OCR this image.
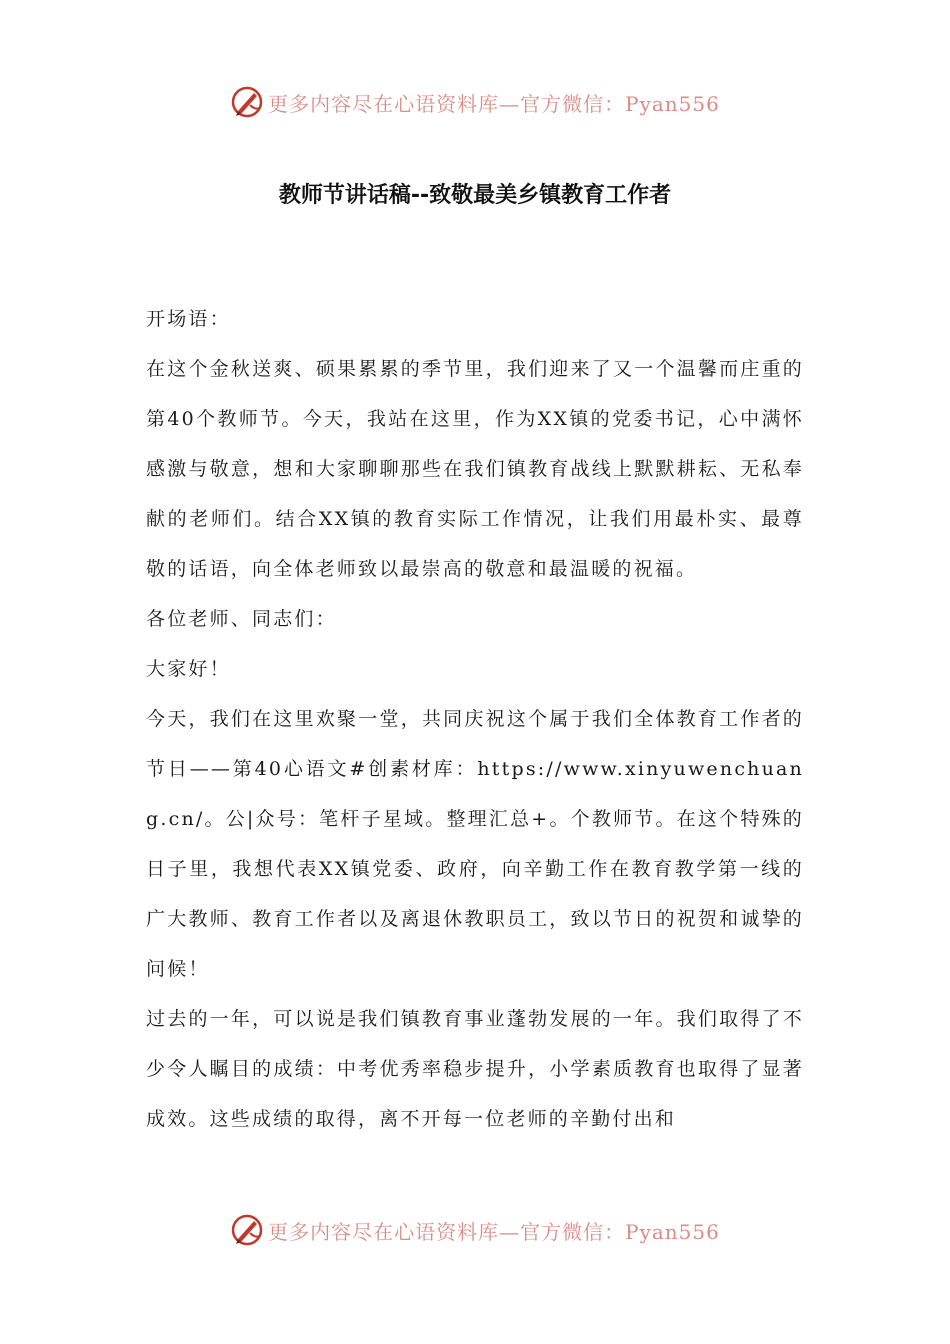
更多内容尽在心语资料库—官方微信：Pyan556
教师节讲话稿--致敬最美乡镇教育工作者

开场语：

在这个金秋送爽、硕果累累的季节里，我们迎来了又一个温馨而庄重的第40个教师节。今天，我站在这里，作为XX镇的党委书记，心中满怀感激与敬意，想和大家聊聊那些在我们镇教育战线上默默耕耘、无私奉献的老师们。结合XX镇的教育实际工作情况，让我们用最朴实、最尊敬的话语，向全体老师致以最崇高的敬意和最温暖的祝福。

各位老师、同志们：

大家好！

今天，我们在这里欢聚一堂，共同庆祝这个属于我们全体教育工作者的节日——第40心语文#创素材库：https://www.xinyuwenchuang.cn/。公|众号：笔杆子星域。整理汇总+。个教师节。在这个特殊的日子里，我想代表XX镇党委、政府，向辛勤工作在教育教学第一线的广大教师、教育工作者以及离退休教职员工，致以节日的祝贺和诚挚的问候！

过去的一年，可以说是我们镇教育事业蓬勃发展的一年。我们取得了不少令人瞩目的成绩：中考优秀率稳步提升，小学素质教育也取得了显著成效。这些成绩的取得，离不开每一位老师的辛勤付出和

更多内容尽在心语资料库—官方微信：Pyan556
